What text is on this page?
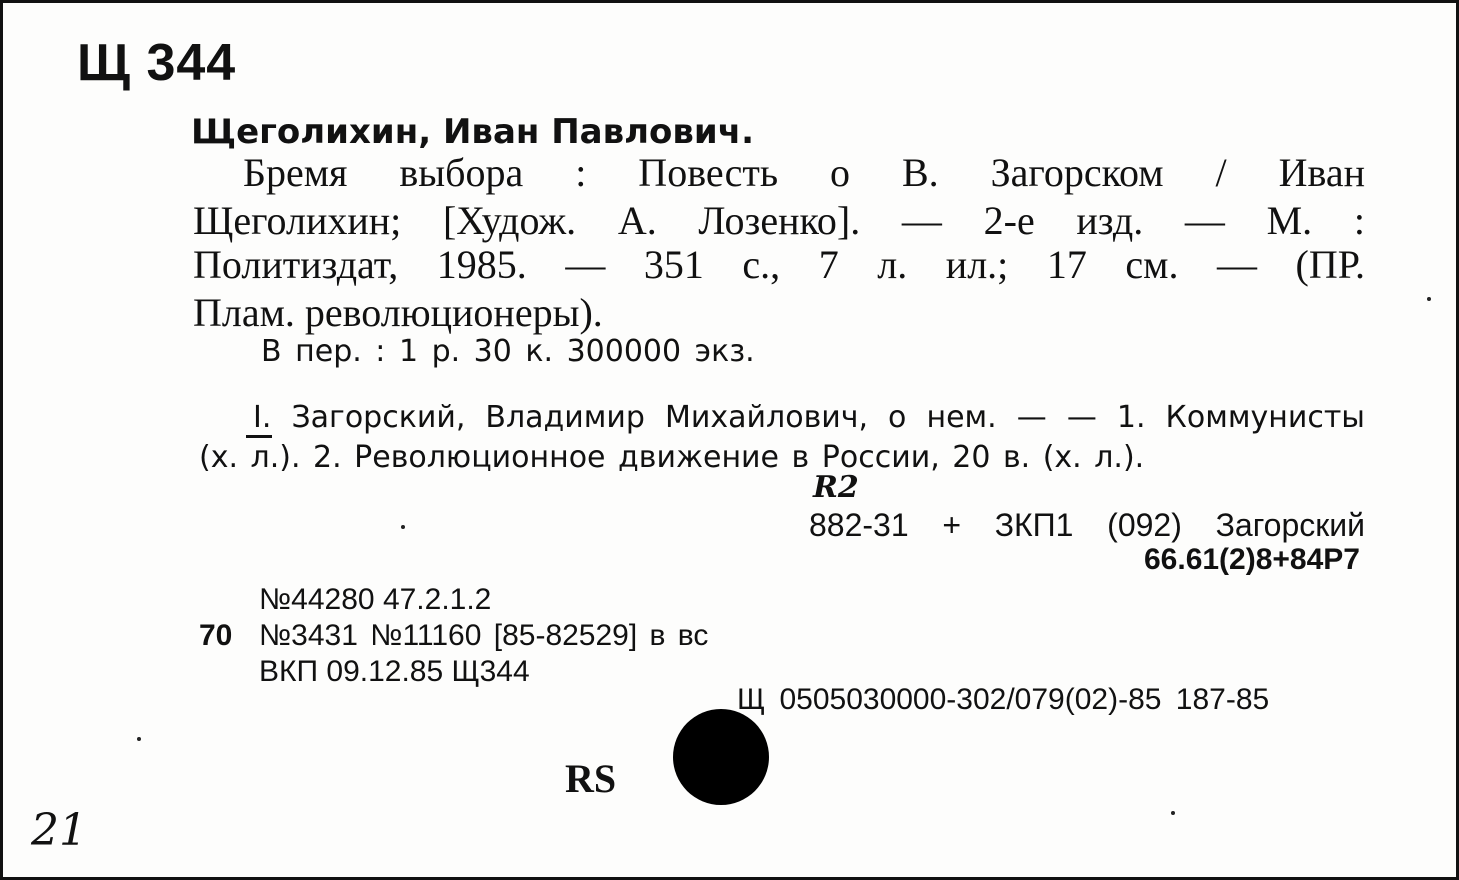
Щ 344
Щеголихин, Иван Павлович.
Бремя выбора : Повесть о В. Загорском / Иван
Щеголихин; [Худож. А. Лозенко]. — 2-е изд. — М. :
Политиздат, 1985. — 351 с., 7 л. ил.; 17 см. — (ПР.
Плам. революционеры).
В пер. : 1 р. 30 к. 300000 экз.
I. Загорский, Владимир Михайлович, о нем. — — 1. Коммунисты
(х. л.). 2. Революционное движение в России, 20 в. (х. л.).
R2
882-31 + ЗКП1 (092) Загорский
66.61(2)8+84Р7
№44280 47.2.1.2
70 №3431 №11160 [85-82529] в вс
ВКП 09.12.85 Щ344
Щ 0505030000-302/079(02)-85 187-85
RS
21
